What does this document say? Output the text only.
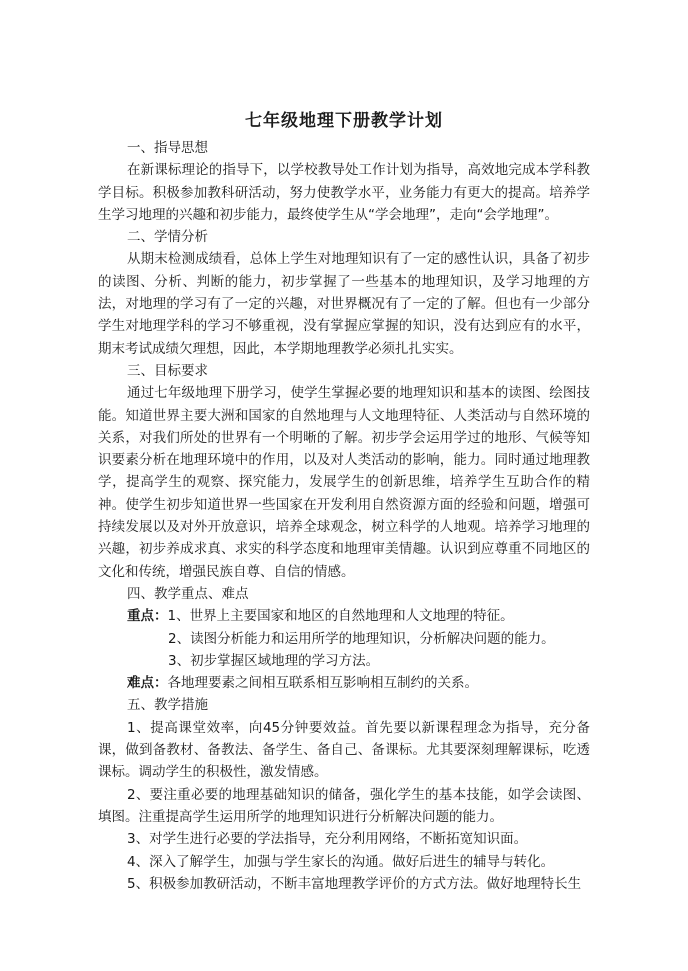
七年级地理下册教学计划

一、指导思想

在新课标理论的指导下，以学校教导处工作计划为指导，高效地完成本学科教学目标。积极参加教科研活动，努力使教学水平，业务能力有更大的提高。培养学生学习地理的兴趣和初步能力，最终使学生从“学会地理”，走向“会学地理”。

二、学情分析

从期末检测成绩看，总体上学生对地理知识有了一定的感性认识，具备了初步的读图、分析、判断的能力，初步掌握了一些基本的地理知识，及学习地理的方法，对地理的学习有了一定的兴趣，对世界概况有了一定的了解。但也有一少部分学生对地理学科的学习不够重视，没有掌握应掌握的知识，没有达到应有的水平，期末考试成绩欠理想，因此，本学期地理教学必须扎扎实实。

三、目标要求

通过七年级地理下册学习，使学生掌握必要的地理知识和基本的读图、绘图技能。知道世界主要大洲和国家的自然地理与人文地理特征、人类活动与自然环境的关系，对我们所处的世界有一个明晰的了解。初步学会运用学过的地形、气候等知识要素分析在地理环境中的作用，以及对人类活动的影响，能力。同时通过地理教学，提高学生的观察、探究能力，发展学生的创新思维，培养学生互助合作的精神。使学生初步知道世界一些国家在开发利用自然资源方面的经验和问题，增强可持续发展以及对外开放意识，培养全球观念，树立科学的人地观。培养学习地理的兴趣，初步养成求真、求实的科学态度和地理审美情趣。认识到应尊重不同地区的文化和传统，增强民族自尊、自信的情感。

四、教学重点、难点

重点：1、世界上主要国家和地区的自然地理和人文地理的特征。

2、读图分析能力和运用所学的地理知识，分析解决问题的能力。

3、初步掌握区域地理的学习方法。

难点：各地理要素之间相互联系相互影响相互制约的关系。

五、教学措施

1、提高课堂效率，向45分钟要效益。首先要以新课程理念为指导，充分备课，做到备教材、备教法、备学生、备自己、备课标。尤其要深刻理解课标，吃透课标。调动学生的积极性，激发情感。

2、要注重必要的地理基础知识的储备，强化学生的基本技能，如学会读图、填图。注重提高学生运用所学的地理知识进行分析解决问题的能力。

3、对学生进行必要的学法指导，充分利用网络，不断拓宽知识面。

4、深入了解学生，加强与学生家长的沟通。做好后进生的辅导与转化。

5、积极参加教研活动，不断丰富地理教学评价的方式方法。做好地理特长生
